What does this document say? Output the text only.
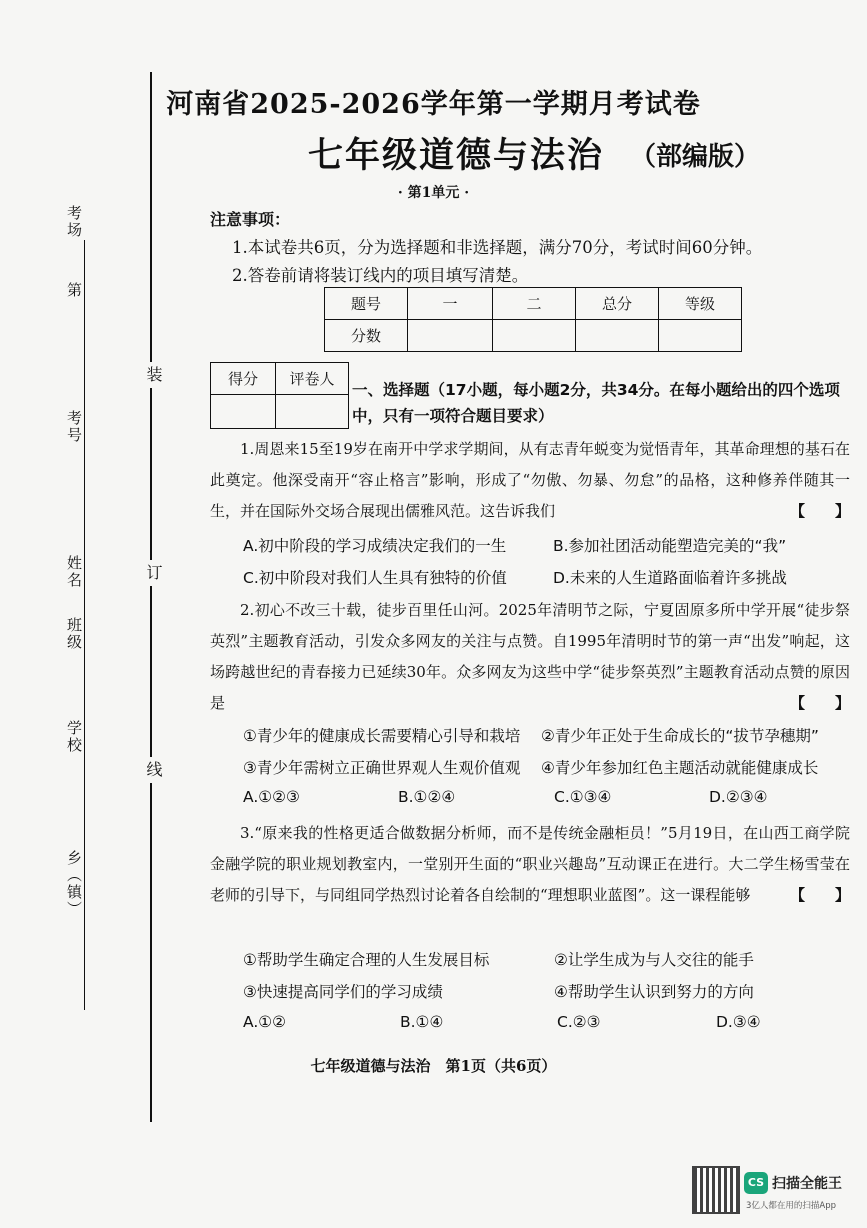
考场
第
考号
姓名
班级
学校
乡（镇）
装
订
线
河南省2025-2026学年第一学期月考试卷
七年级道德与法治 （部编版）
· 第1单元 ·
注意事项：
1.本试卷共6页，分为选择题和非选择题，满分70分，考试时间60分钟。
2.答卷前请将装订线内的项目填写清楚。
题号	一	二	总分	等级
分数				
得分	评卷人

一、选择题（17小题，每小题2分，共34分。在每小题给出的四个选项中，只有一项符合题目要求）
1.周恩来15至19岁在南开中学求学期间，从有志青年蜕变为觉悟青年，其革命理想的基石在此奠定。他深受南开“容止格言”影响，形成了“勿傲、勿暴、勿怠”的品格，这种修养伴随其一生，并在国际外交场合展现出儒雅风范。这告诉我们	【　　】
A.初中阶段的学习成绩决定我们的一生	B.参加社团活动能塑造完美的“我”
C.初中阶段对我们人生具有独特的价值	D.未来的人生道路面临着许多挑战
2.初心不改三十载，徒步百里任山河。2025年清明节之际，宁夏固原多所中学开展“徒步祭英烈”主题教育活动，引发众多网友的关注与点赞。自1995年清明时节的第一声“出发”响起，这场跨越世纪的青春接力已延续30年。众多网友为这些中学“徒步祭英烈”主题教育活动点赞的原因是	【　　】
①青少年的健康成长需要精心引导和栽培 ②青少年正处于生命成长的“拔节孕穗期”
③青少年需树立正确世界观人生观价值观 ④青少年参加红色主题活动就能健康成长
A.①②③	B.①②④	C.①③④	D.②③④
3.“原来我的性格更适合做数据分析师，而不是传统金融柜员！”5月19日，在山西工商学院金融学院的职业规划教室内，一堂别开生面的“职业兴趣岛”互动课正在进行。大二学生杨雪莹在老师的引导下，与同组同学热烈讨论着各自绘制的“理想职业蓝图”。这一课程能够	【　　】
①帮助学生确定合理的人生发展目标	②让学生成为与人交往的能手
③快速提高同学们的学习成绩	④帮助学生认识到努力的方向
A.①②	B.①④	C.②③	D.③④
七年级道德与法治　第1页（共6页）
CS 扫描全能王
3亿人都在用的扫描App
